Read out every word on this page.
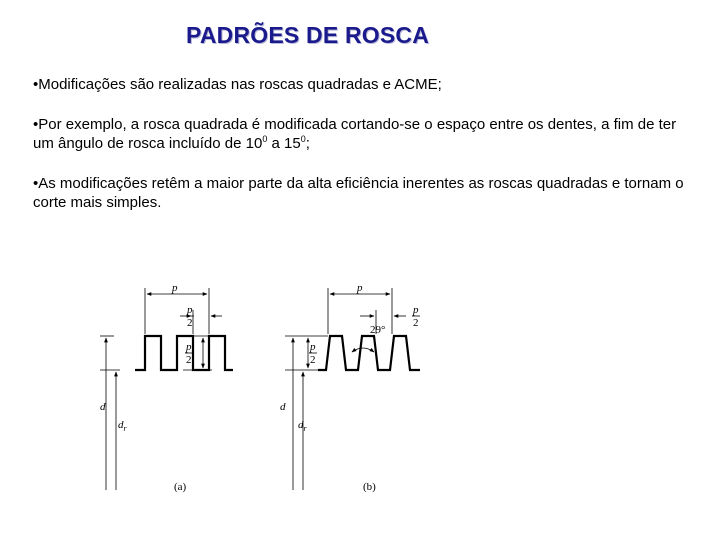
PADRÕES DE ROSCA
•Modificações são realizadas nas roscas quadradas e ACME;
•Por exemplo, a rosca quadrada é modificada cortando-se o espaço entre os dentes, a fim de ter um ângulo de rosca incluído de $10^0$ a $15^0$;
•As modificações retêm a maior parte da alta eficiência inerentes as roscas quadradas e tornam o corte mais simples.
p
p
2
p
2
d
$d_r$
(a)
p
p
2
29°
p
2
d
$d_r$
(b)
